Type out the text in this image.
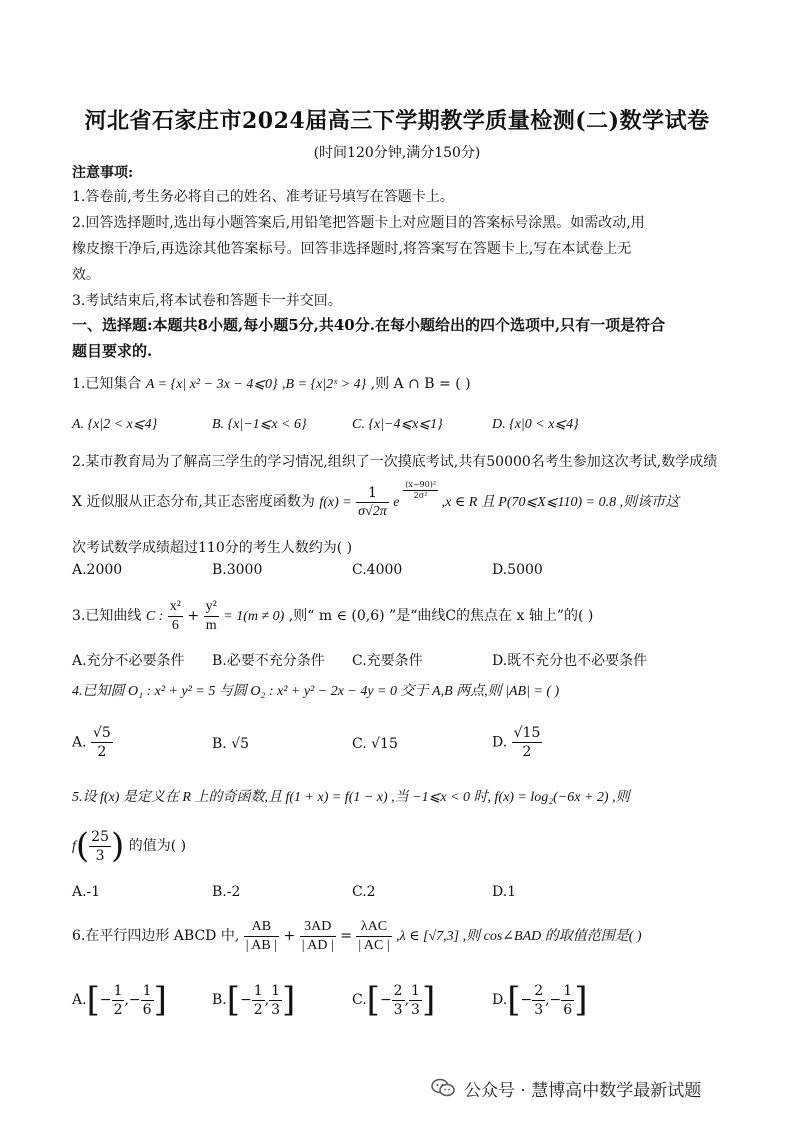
河北省石家庄市2024届高三下学期教学质量检测(二)数学试卷
(时间120分钟,满分150分)
注意事项:
1.答卷前,考生务必将自己的姓名、准考证号填写在答题卡上。
2.回答选择题时,选出每小题答案后,用铅笔把答题卡上对应题目的答案标号涂黑。如需改动,用
橡皮擦干净后,再选涂其他答案标号。回答非选择题时,将答案写在答题卡上,写在本试卷上无
效。
3.考试结束后,将本试卷和答题卡一并交回。
一、选择题:本题共8小题,每小题5分,共40分.在每小题给出的四个选项中,只有一项是符合
题目要求的.
1.已知集合 A = {x| x² − 3x − 4⩽0} ,B = {x|2ˣ > 4} ,则 A ∩ B = ( )
A. {x|2 < x⩽4}	B. {x|−1⩽x < 6}	C. {x|−4⩽x⩽1}	D. {x|0 < x⩽4}
2.某市教育局为了解高三学生的学习情况,组织了一次摸底考试,共有50000名考生参加这次考试,数学成绩
X 近似服从正态分布,其正态密度函数为 $f(x) = \frac{1}{\sigma√2\pi}$ e
$\frac{\text{(x−90)²}}{\text{2σ²}}$
,x ∈ R 且 P(70⩽X⩽110) = 0.8 ,则该市这
次考试数学成绩超过110分的考生人数约为( )
A.2000	B.3000	C.4000	D.5000
3.已知曲线 C : $\frac{\text{x²}}{6} + \frac{\text{y²}}{m} = 1(m \ne 0)$ ,则“ m ∈ (0,6) ”是“曲线C的焦点在 x 轴上”的( )
A.充分不必要条件 B.必要不充分条件 C.充要条件	D.既不充分也不必要条件
4.已知圆 O₁ : x² + y² = 5 与圆 O₂ : x² + y² − 2x − 4y = 0 交于 A,B 两点,则 |AB| = ( )
A. $\frac{√5}{2}$	B. √5	C. √15	D. $\frac{√15}{2}$
5.设 f(x) 是定义在 R 上的奇函数,且 f(1 + x) = f(1 − x) ,当 −1⩽x < 0 时, f(x) = log₂(−6x + 2) ,则
$f( \frac{25}{3}$ ) 的值为( )
A.-1	B.-2	C.2	D.1
6.在平行四边形 ABCD 中, $\frac{AB}{| AB |} + \frac{3AD}{| AD |} = \frac{\text{λAC}}{| AC |} ,\lambda$ ∈ [√7,3] ,则 cos∠BAD 的取值范围是( )
$A.[- \frac{1}{2}$ ,− $\frac{1}{6}$ ]	$B.[- \frac{1}{2}$ , $\frac{1}{3}$ ]	$C.[- \frac{2}{3}$ , $\frac{1}{3}$ ]	$D.[- \frac{2}{3}$ ,− $\frac{1}{6}$ ]
公众号 · 慧博高中数学最新试题
